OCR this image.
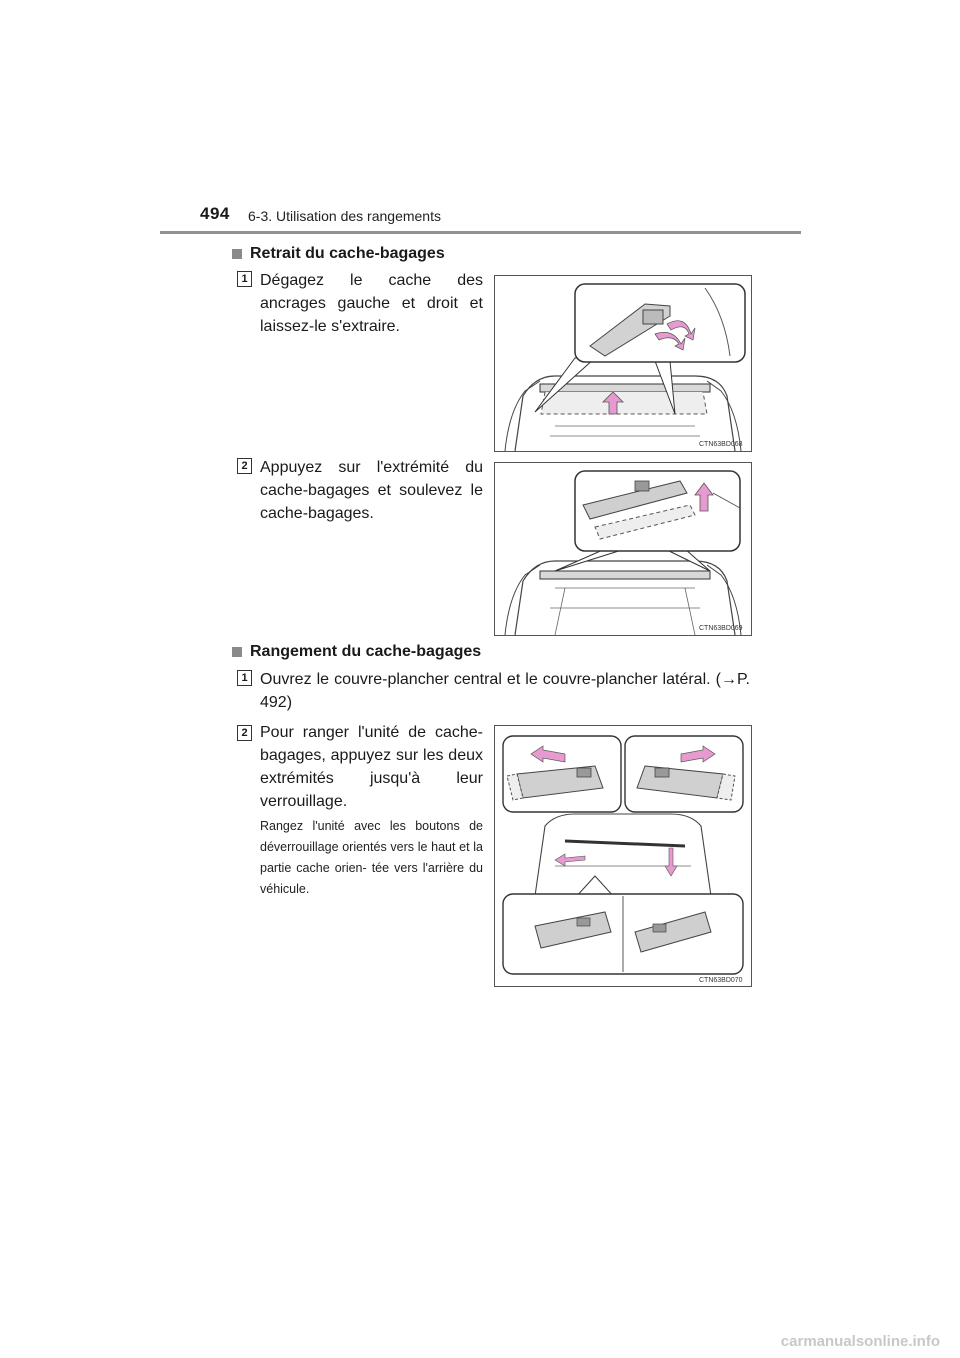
494 6-3. Utilisation des rangements
Retrait du cache-bagages
1 Dégagez le cache des ancrages gauche et droit et laissez-le s'extraire.
CTN63BD068
2 Appuyez sur l'extrémité du cache-bagages et soulevez le cache-bagages.
CTN63BD069
Rangement du cache-bagages
1 Ouvrez le couvre-plancher central et le couvre-plancher latéral. (→P. 492)
2 Pour ranger l'unité de cache-bagages, appuyez sur les deux extrémités jusqu'à leur verrouillage.
Rangez l'unité avec les boutons de déverrouillage orientés vers le haut et la partie cache orien- tée vers l'arrière du véhicule.
CTN63BD070
carmanualsonline.info
